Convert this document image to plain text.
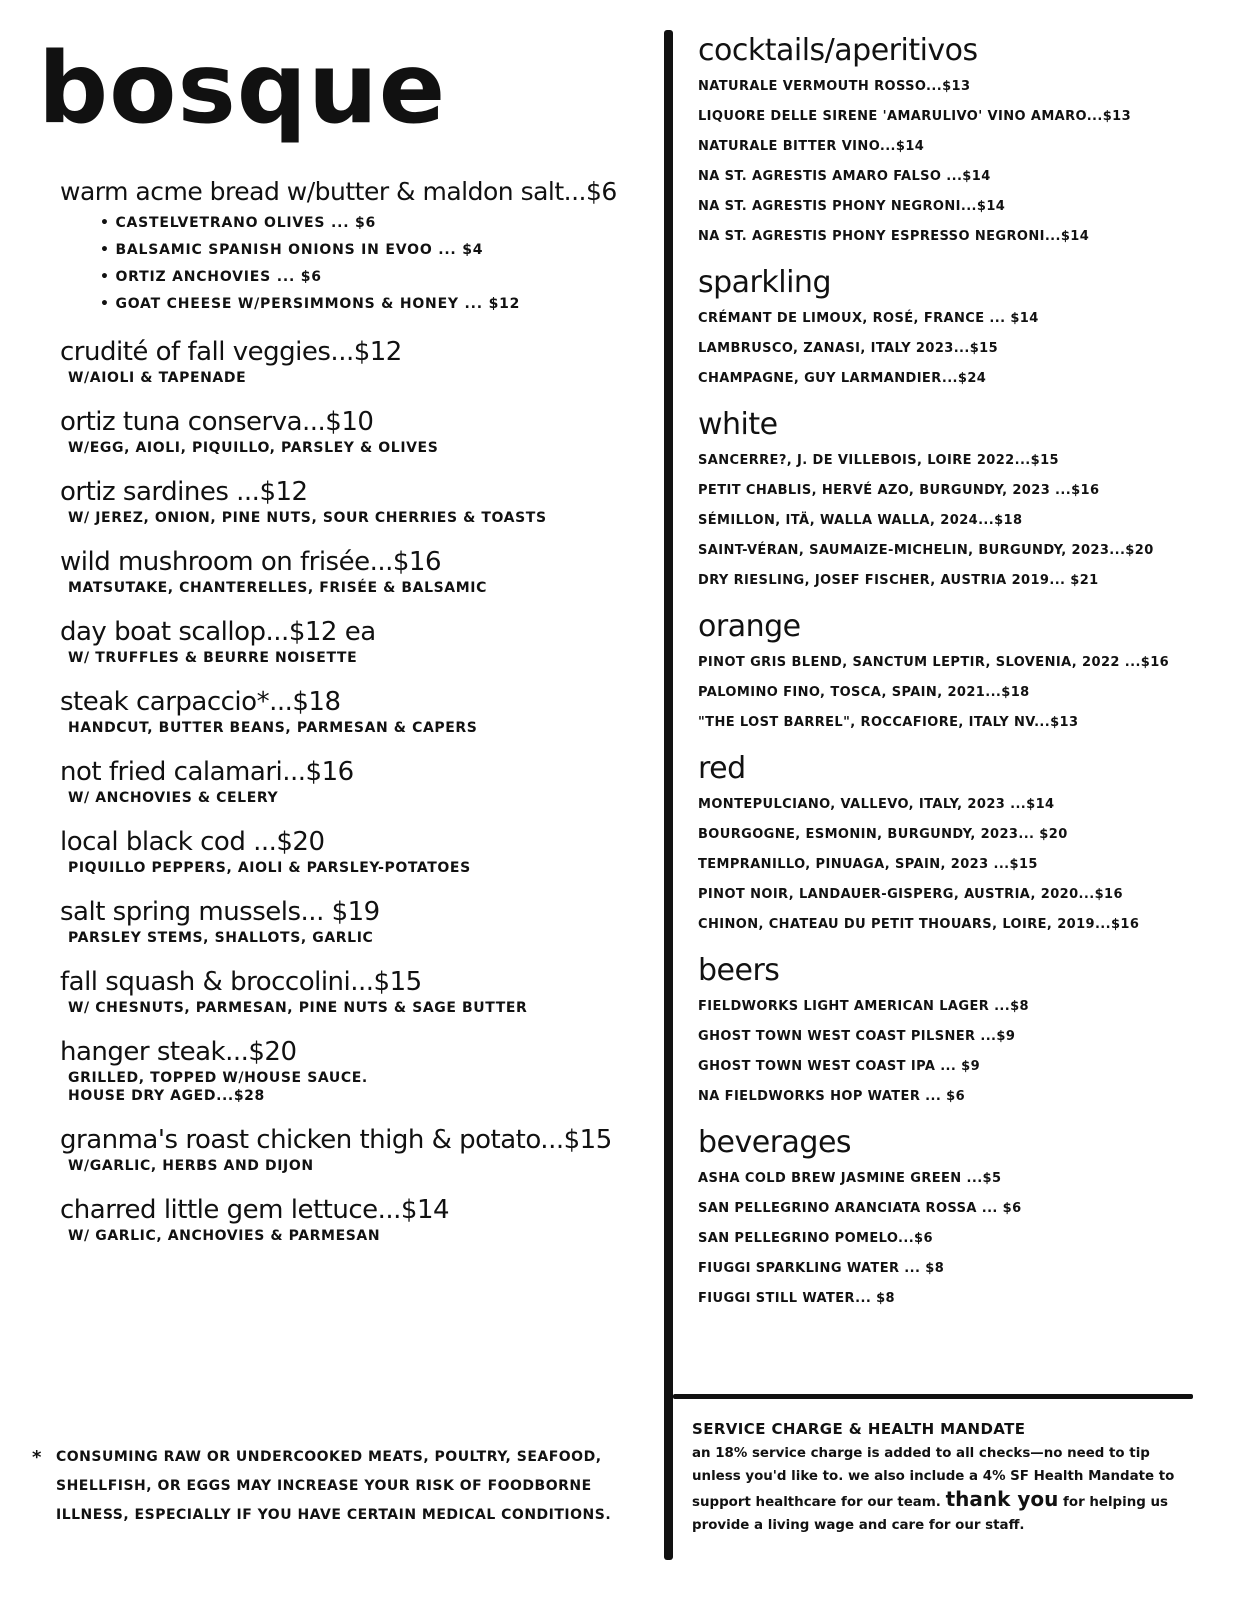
bosque
warm acme bread w/butter & maldon salt...$6
• CASTELVETRANO OLIVES ... $6
• BALSAMIC SPANISH ONIONS IN EVOO ... $4
• ORTIZ ANCHOVIES ... $6
• GOAT CHEESE W/PERSIMMONS & HONEY ... $12
crudité of fall veggies...$12
W/AIOLI & TAPENADE
ortiz tuna conserva...$10
W/EGG, AIOLI, PIQUILLO, PARSLEY & OLIVES
ortiz sardines ...$12
W/ JEREZ, ONION, PINE NUTS, SOUR CHERRIES & TOASTS
wild mushroom on frisée...$16
MATSUTAKE, CHANTERELLES, FRISÉE & BALSAMIC
day boat scallop...$12 ea
W/ TRUFFLES & BEURRE NOISETTE
steak carpaccio*...$18
HANDCUT, BUTTER BEANS, PARMESAN & CAPERS
not fried calamari...$16
W/ ANCHOVIES & CELERY
local black cod ...$20
PIQUILLO PEPPERS, AIOLI & PARSLEY-POTATOES
salt spring mussels... $19
PARSLEY STEMS, SHALLOTS, GARLIC
fall squash & broccolini...$15
W/ CHESNUTS, PARMESAN, PINE NUTS & SAGE BUTTER
hanger steak...$20
GRILLED, TOPPED W/HOUSE SAUCE.
HOUSE DRY AGED...$28
granma's roast chicken thigh & potato...$15
W/GARLIC, HERBS AND DIJON
charred little gem lettuce...$14
W/ GARLIC, ANCHOVIES & PARMESAN
cocktails/aperitivos
NATURALE VERMOUTH ROSSO...$13
LIQUORE DELLE SIRENE 'AMARULIVO' VINO AMARO...$13
NATURALE BITTER VINO...$14
NA ST. AGRESTIS AMARO FALSO ...$14
NA ST. AGRESTIS PHONY NEGRONI...$14
NA ST. AGRESTIS PHONY ESPRESSO NEGRONI...$14
sparkling
CRÉMANT DE LIMOUX, ROSÉ, FRANCE ... $14
LAMBRUSCO, ZANASI, ITALY 2023...$15
CHAMPAGNE, GUY LARMANDIER...$24
white
SANCERRE?, J. DE VILLEBOIS, LOIRE 2022...$15
PETIT CHABLIS, HERVÉ AZO, BURGUNDY, 2023 ...$16
SÉMILLON, ITÄ, WALLA WALLA, 2024...$18
SAINT-VÉRAN, SAUMAIZE-MICHELIN, BURGUNDY, 2023...$20
DRY RIESLING, JOSEF FISCHER, AUSTRIA 2019... $21
orange
PINOT GRIS BLEND, SANCTUM LEPTIR, SLOVENIA, 2022 ...$16
PALOMINO FINO, TOSCA, SPAIN, 2021...$18
"THE LOST BARREL", ROCCAFIORE, ITALY NV...$13
red
MONTEPULCIANO, VALLEVO, ITALY, 2023 ...$14
BOURGOGNE, ESMONIN, BURGUNDY, 2023... $20
TEMPRANILLO, PINUAGA, SPAIN, 2023 ...$15
PINOT NOIR, LANDAUER-GISPERG, AUSTRIA, 2020...$16
CHINON, CHATEAU DU PETIT THOUARS, LOIRE, 2019...$16
beers
FIELDWORKS LIGHT AMERICAN LAGER ...$8
GHOST TOWN WEST COAST PILSNER ...$9
GHOST TOWN WEST COAST IPA ... $9
NA FIELDWORKS HOP WATER ... $6
beverages
ASHA COLD BREW JASMINE GREEN ...$5
SAN PELLEGRINO ARANCIATA ROSSA ... $6
SAN PELLEGRINO POMELO...$6
FIUGGI SPARKLING WATER ... $8
FIUGGI STILL WATER... $8
*	CONSUMING RAW OR UNDERCOOKED MEATS, POULTRY, SEAFOOD, SHELLFISH, OR EGGS MAY INCREASE YOUR RISK OF FOODBORNE ILLNESS, ESPECIALLY IF YOU HAVE CERTAIN MEDICAL CONDITIONS.
SERVICE CHARGE & HEALTH MANDATE
an 18% service charge is added to all checks—no need to tip unless you'd like to. we also include a 4% SF Health Mandate to support healthcare for our team. thank you for helping us provide a living wage and care for our staff.
